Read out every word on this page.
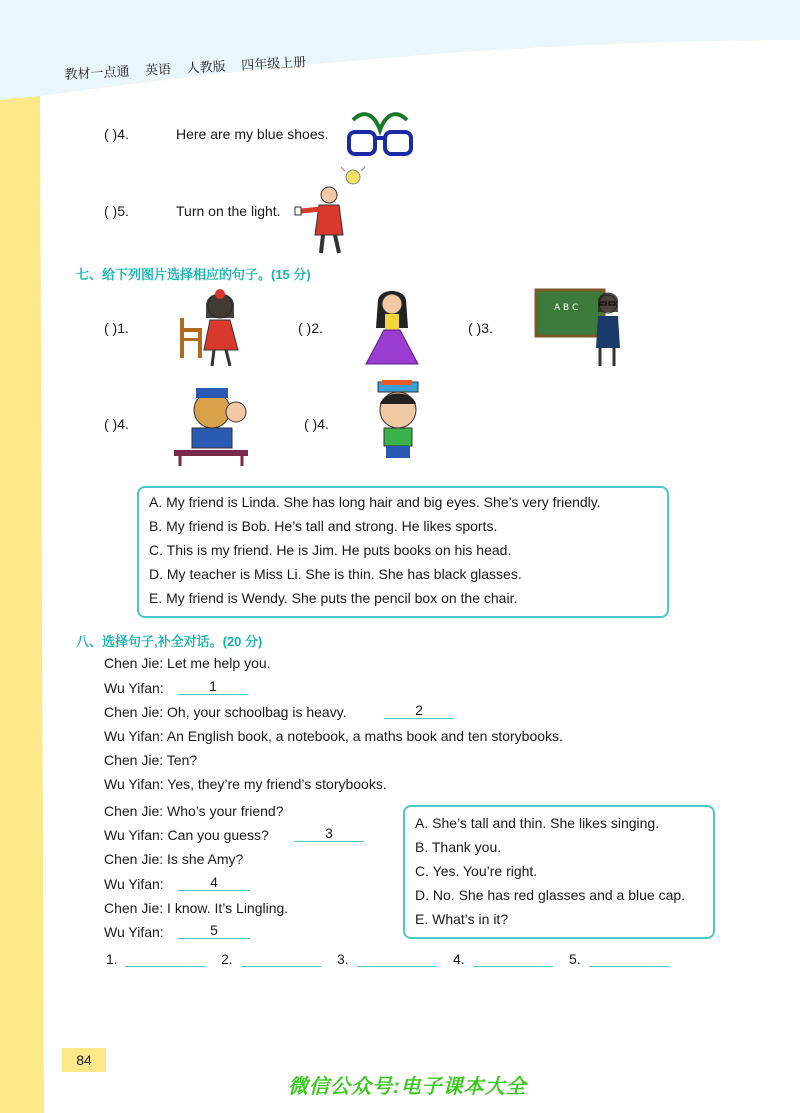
教材一点通 英语 人教版 四年级上册
( )4.	Here are my blue shoes.
( )5.	Turn on the light.
七、给下列图片选择相应的句子。(15 分)
( )1.	( )2.	( )3.
A B C
( )4.	( )4.
A. My friend is Linda. She has long hair and big eyes. She’s very friendly.
B. My friend is Bob. He’s tall and strong. He likes sports.
C. This is my friend. He is Jim. He puts books on his head.
D. My teacher is Miss Li. She is thin. She has black glasses.
E. My friend is Wendy. She puts the pencil box on the chair.
八、选择句子,补全对话。(20 分)
Chen Jie: Let me help you.
Wu Yifan:	1
Chen Jie: Oh, your schoolbag is heavy.	2
Wu Yifan: An English book, a notebook, a maths book and ten storybooks.
Chen Jie: Ten?
Wu Yifan: Yes, they’re my friend’s storybooks.
Chen Jie: Who’s your friend?
Wu Yifan: Can you guess?	3
Chen Jie: Is she Amy?
Wu Yifan:	4
Chen Jie: I know. It’s Lingling.
Wu Yifan:	5
A. She’s tall and thin. She likes singing.
B. Thank you.
C. Yes. You’re right.
D. No. She has red glasses and a blue cap.
E. What’s in it?
1.	2.	3.	4.	5.
84
微信公众号:电子课本大全
